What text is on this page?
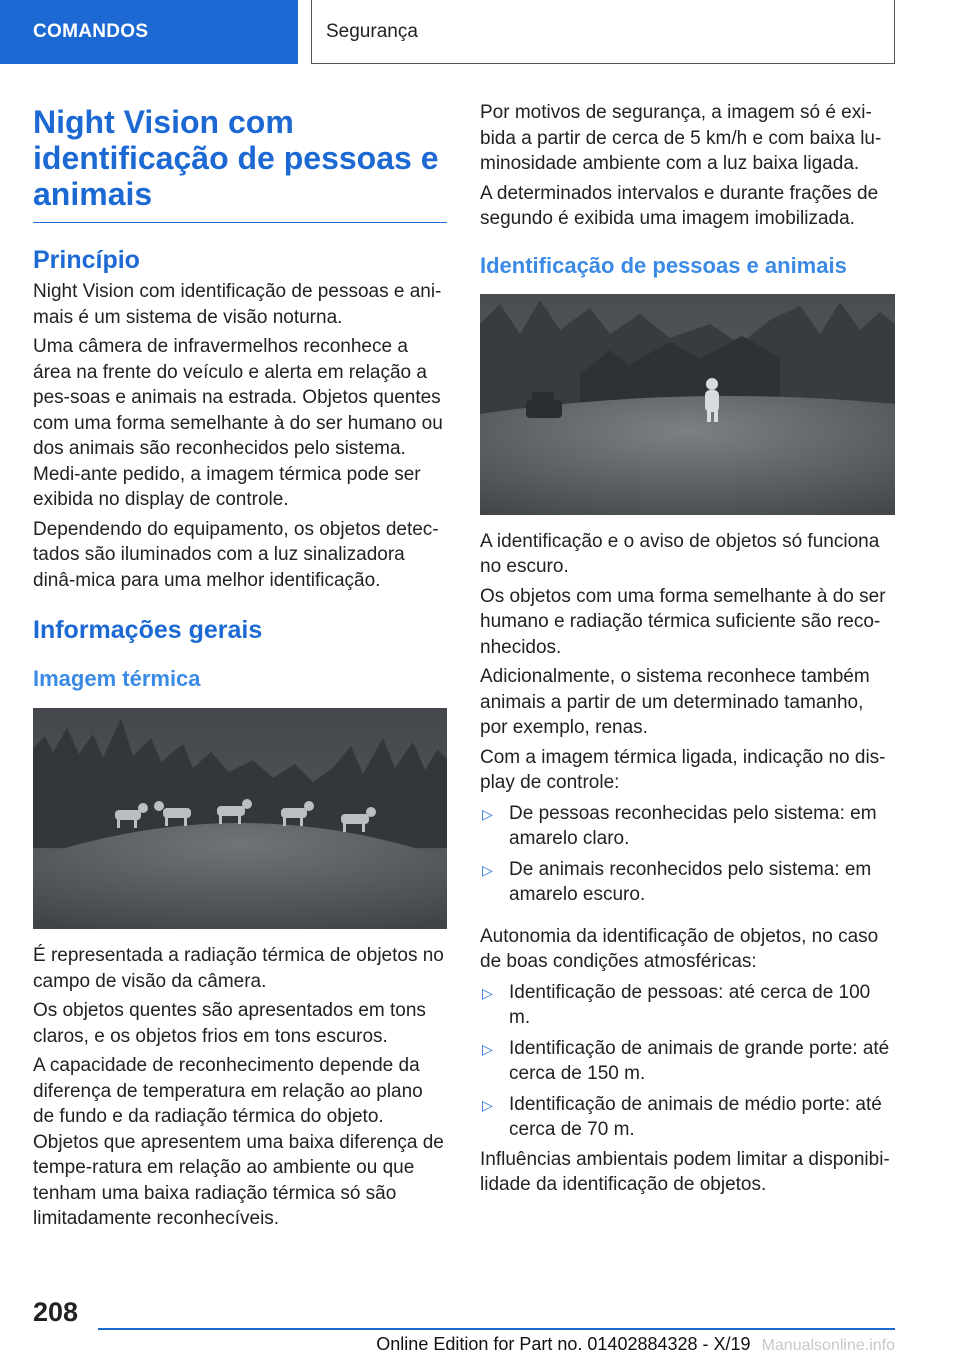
COMANDOS	Segurança
Night Vision com identificação de pessoas e animais
Princípio

Night Vision com identificação de pessoas e ani-mais é um sistema de visão noturna.

Uma câmera de infravermelhos reconhece a área na frente do veículo e alerta em relação a pes-soas e animais na estrada. Objetos quentes com uma forma semelhante à do ser humano ou dos animais são reconhecidos pelo sistema. Medi-ante pedido, a imagem térmica pode ser exibida no display de controle.

Dependendo do equipamento, os objetos detec-tados são iluminados com a luz sinalizadora dinâ-mica para uma melhor identificação.

Informações gerais
Imagem térmica

É representada a radiação térmica de objetos no campo de visão da câmera.

Os objetos quentes são apresentados em tons claros, e os objetos frios em tons escuros.

A capacidade de reconhecimento depende da diferença de temperatura em relação ao plano de fundo e da radiação térmica do objeto. Objetos que apresentem uma baixa diferença de tempe-ratura em relação ao ambiente ou que tenham uma baixa radiação térmica só são limitadamente reconhecíveis.

Por motivos de segurança, a imagem só é exi-bida a partir de cerca de 5 km/h e com baixa lu-minosidade ambiente com a luz baixa ligada.

A determinados intervalos e durante frações de segundo é exibida uma imagem imobilizada.

Identificação de pessoas e animais

A identificação e o aviso de objetos só funciona no escuro.

Os objetos com uma forma semelhante à do ser humano e radiação térmica suficiente são reco-nhecidos.

Adicionalmente, o sistema reconhece também animais a partir de um determinado tamanho, por exemplo, renas.

Com a imagem térmica ligada, indicação no dis-play de controle:

▷ De pessoas reconhecidas pelo sistema: em amarelo claro.
▷ De animais reconhecidos pelo sistema: em amarelo escuro.

Autonomia da identificação de objetos, no caso de boas condições atmosféricas:

▷ Identificação de pessoas: até cerca de 100 m.
▷ Identificação de animais de grande porte: até cerca de 150 m.
▷ Identificação de animais de médio porte: até cerca de 70 m.

Influências ambientais podem limitar a disponibi-lidade da identificação de objetos.

208
Online Edition for Part no. 01402884328 - X/19 Manualsonline.info
